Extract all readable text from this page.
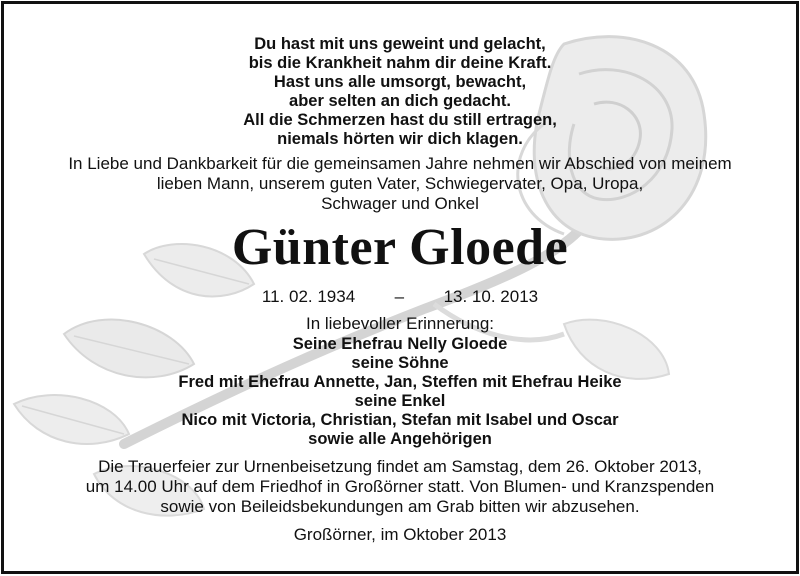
Du hast mit uns geweint und gelacht,
bis die Krankheit nahm dir deine Kraft.
Hast uns alle umsorgt, bewacht,
aber selten an dich gedacht.
All die Schmerzen hast du still ertragen,
niemals hörten wir dich klagen.
In Liebe und Dankbarkeit für die gemeinsamen Jahre nehmen wir Abschied von meinem
lieben Mann, unserem guten Vater, Schwiegervater, Opa, Uropa,
Schwager und Onkel
Günter Gloede
11. 02. 1934 – 13. 10. 2013
In liebevoller Erinnerung:
Seine Ehefrau Nelly Gloede
seine Söhne
Fred mit Ehefrau Annette, Jan, Steffen mit Ehefrau Heike
seine Enkel
Nico mit Victoria, Christian, Stefan mit Isabel und Oscar
sowie alle Angehörigen
Die Trauerfeier zur Urnenbeisetzung findet am Samstag, dem 26. Oktober 2013,
um 14.00 Uhr auf dem Friedhof in Großörner statt. Von Blumen- und Kranzspenden
sowie von Beileidsbekundungen am Grab bitten wir abzusehen.
Großörner, im Oktober 2013
